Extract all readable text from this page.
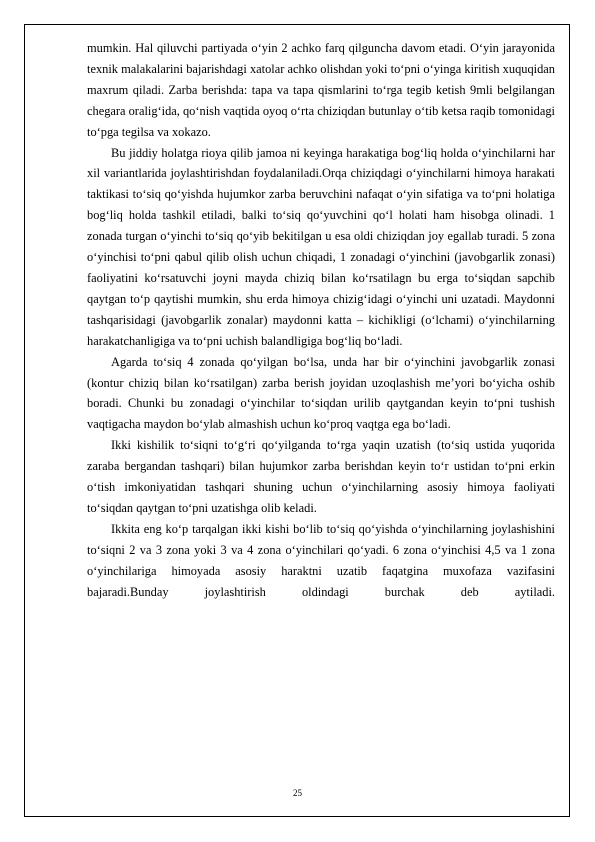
mumkin. Hal qiluvchi partiyada o‘yin 2 achko farq qilguncha davom etadi. O‘yin jarayonida texnik malakalarini bajarishdagi xatolar achko olishdan yoki to‘pni o‘yinga kiritish xuquqidan maxrum qiladi. Zarba berishda: tapa va tapa qismlarini to‘rga tegib ketish 9mli belgilangan chegara oralig‘ida, qo‘nish vaqtida oyoq o‘rta chiziqdan butunlay o‘tib ketsa raqib tomonidagi to‘pga tegilsa va xokazo.

Bu jiddiy holatga rioya qilib jamoa ni keyinga harakatiga bog‘liq holda o‘yinchilarni har xil variantlarida joylashtirishdan foydalaniladi.Orqa chiziqdagi o‘yinchilarni himoya harakati taktikasi to‘siq qo‘yishda hujumkor zarba beruvchini nafaqat o‘yin sifatiga va to‘pni holatiga bog‘liq holda tashkil etiladi, balki to‘siq qo‘yuvchini qo‘l holati ham hisobga olinadi. 1 zonada turgan o‘yinchi to‘siq qo‘yib bekitilgan u esa oldi chiziqdan joy egallab turadi. 5 zona o‘yinchisi to‘pni qabul qilib olish uchun chiqadi, 1 zonadagi o‘yinchini (javobgarlik zonasi) faoliyatini ko‘rsatuvchi joyni mayda chiziq bilan ko‘rsatilagn bu erga to‘siqdan sapchib qaytgan to‘p qaytishi mumkin, shu erda himoya chizig‘idagi o‘yinchi uni uzatadi. Maydonni tashqarisidagi (javobgarlik zonalar) maydonni katta – kichikligi (o‘lchami) o‘yinchilarning harakatchanligiga va to‘pni uchish balandligiga bog‘liq bo‘ladi.

Agarda to‘siq 4 zonada qo‘yilgan bo‘lsa, unda har bir o‘yinchini javobgarlik zonasi (kontur chiziq bilan ko‘rsatilgan) zarba berish joyidan uzoqlashish me’yori bo‘yicha oshib boradi. Chunki bu zonadagi o‘yinchilar to‘siqdan urilib qaytgandan keyin to‘pni tushish vaqtigacha maydon bo‘ylab almashish uchun ko‘proq vaqtga ega bo‘ladi.

Ikki kishilik to‘siqni to‘g‘ri qo‘yilganda to‘rga yaqin uzatish (to‘siq ustida yuqorida zaraba bergandan tashqari) bilan hujumkor zarba berishdan keyin to‘r ustidan to‘pni erkin o‘tish imkoniyatidan tashqari shuning uchun o‘yinchilarning asosiy himoya faoliyati to‘siqdan qaytgan to‘pni uzatishga olib keladi.

Ikkita eng ko‘p tarqalgan ikki kishi bo‘lib to‘siq qo‘yishda o‘yinchilarning joylashishini to‘siqni 2 va 3 zona yoki 3 va 4 zona o‘yinchilari qo‘yadi. 6 zona o‘yinchisi 4,5 va 1 zona o‘yinchilariga himoyada asosiy haraktni uzatib faqatgina muxofaza vazifasini bajaradi.Bunday joylashtirish oldindagi burchak deb aytiladi.

25
